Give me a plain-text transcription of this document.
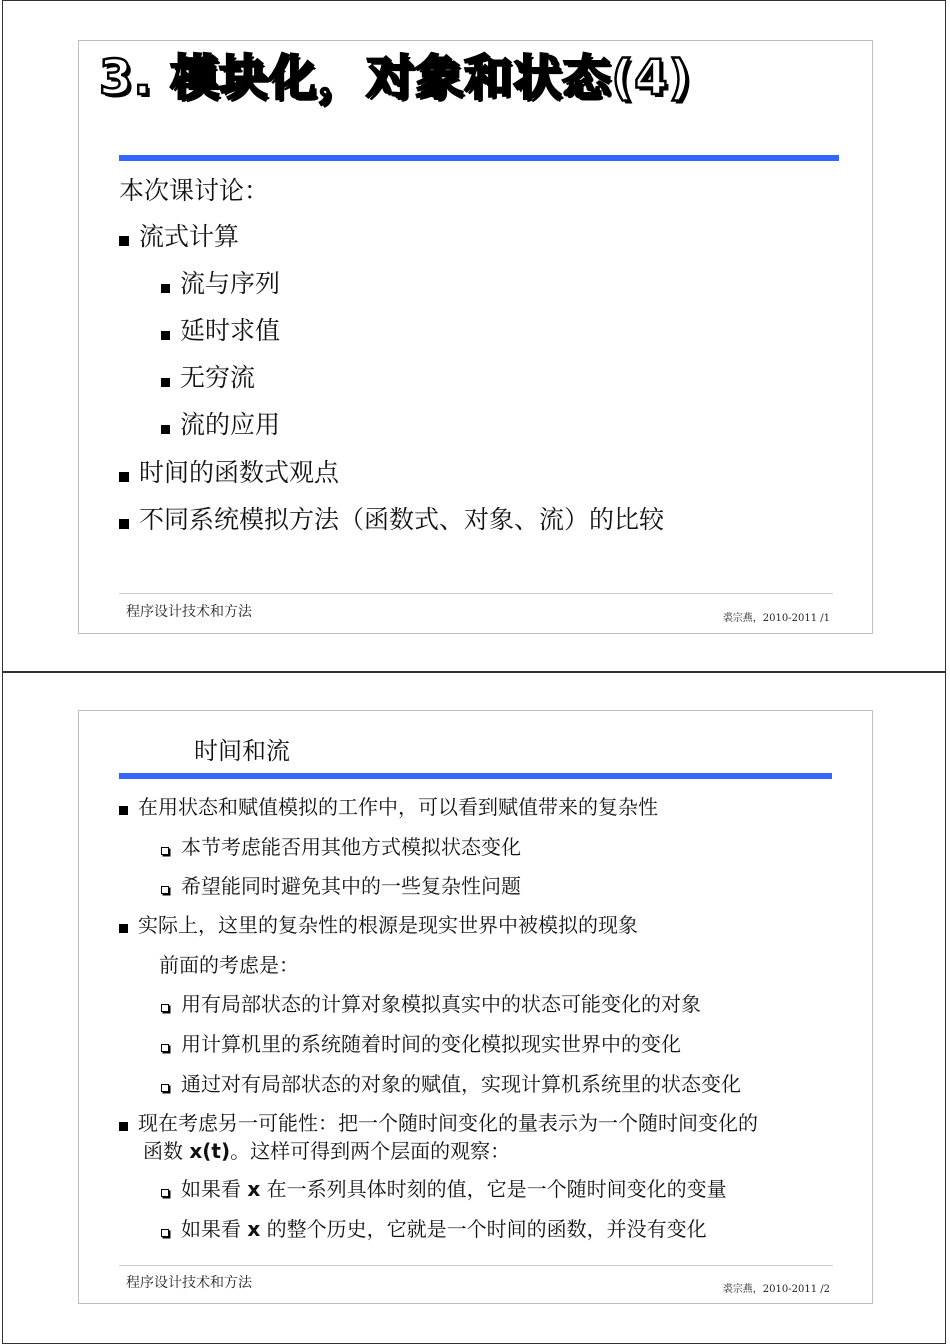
3. 模块化，对象和状态(4)
本次课讨论：
流式计算
流与序列
延时求值
无穷流
流的应用
时间的函数式观点
不同系统模拟方法（函数式、对象、流）的比较
程序设计技术和方法	裘宗燕，2010-2011 /1
时间和流
在用状态和赋值模拟的工作中，可以看到赋值带来的复杂性
本节考虑能否用其他方式模拟状态变化
希望能同时避免其中的一些复杂性问题
实际上，这里的复杂性的根源是现实世界中被模拟的现象
前面的考虑是：
用有局部状态的计算对象模拟真实中的状态可能变化的对象
用计算机里的系统随着时间的变化模拟现实世界中的变化
通过对有局部状态的对象的赋值，实现计算机系统里的状态变化
现在考虑另一可能性：把一个随时间变化的量表示为一个随时间变化的
函数 x(t)。这样可得到两个层面的观察：
如果看 x 在一系列具体时刻的值，它是一个随时间变化的变量
如果看 x 的整个历史，它就是一个时间的函数，并没有变化
程序设计技术和方法	裘宗燕，2010-2011 /2
